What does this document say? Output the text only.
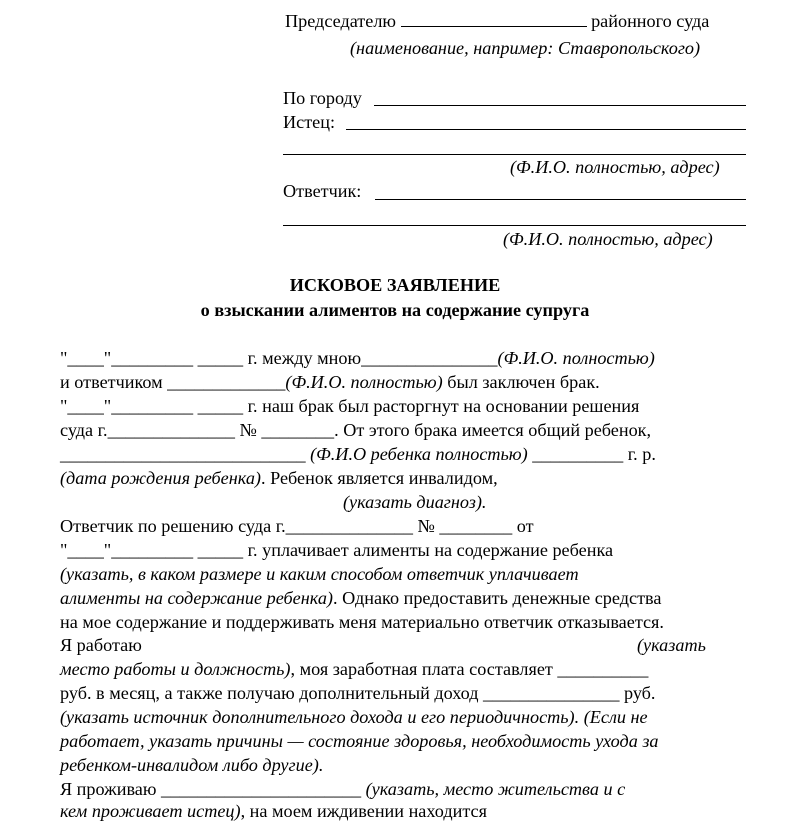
Председателю	районного суда
(наименование, например: Ставропольского)
По городу
Истец:
(Ф.И.О. полностью, адрес)
Ответчик:
(Ф.И.О. полностью, адрес)
ИСКОВОЕ ЗАЯВЛЕНИЕ
о взыскании алиментов на содержание супруга
"____"_________ _____ г. между мною_______________(Ф.И.О. полностью)
и ответчиком _____________(Ф.И.О. полностью) был заключен брак.
"____"_________ _____ г. наш брак был расторгнут на основании решения
суда г.______________ № ________. От этого брака имеется общий ребенок,
___________________________ (Ф.И.О ребенка полностью) __________ г. р.
(дата рождения ребенка). Ребенок является инвалидом,
(указать диагноз).
Ответчик по решению суда г.______________ № ________ от
"____"_________ _____ г. уплачивает алименты на содержание ребенка
(указать, в каком размере и каким способом ответчик уплачивает
алименты на содержание ребенка). Однако предоставить денежные средства
на мое содержание и поддерживать меня материально ответчик отказывается.
Я работаю	(указать
место работы и должность), моя заработная плата составляет __________
руб. в месяц, а также получаю дополнительный доход _______________ руб.
(указать источник дополнительного дохода и его периодичность). (Если не
работает, указать причины — состояние здоровья, необходимость ухода за
ребенком-инвалидом либо другие).
Я проживаю ______________________ (указать, место жительства и с
кем проживает истец), на моем иждивении находится
